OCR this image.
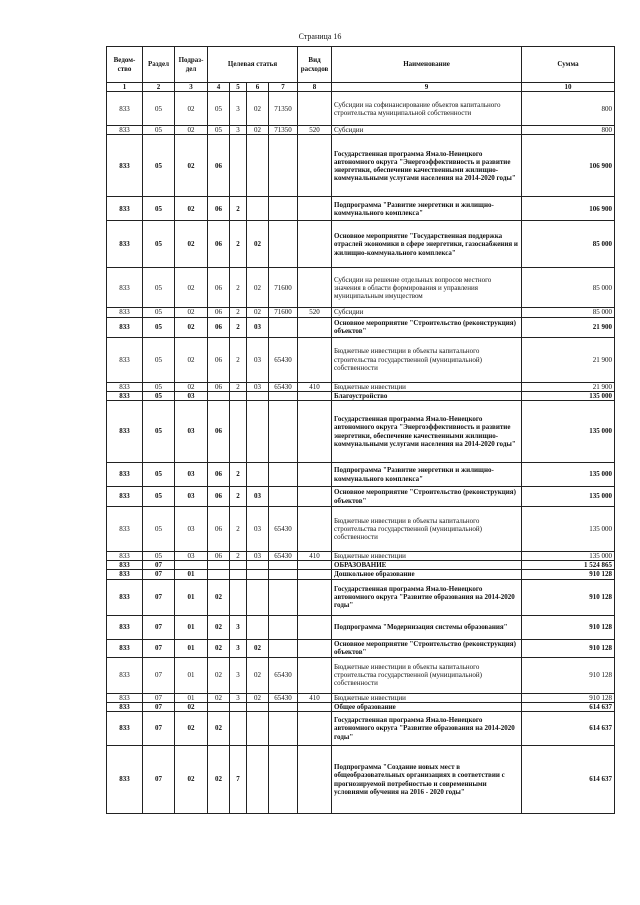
Страница 16
Ведом-ство	Раздел	Подраз-дел	Целевая статья				Вид расходов	Наименование	Сумма
1	2	3	4	5	6	7	8	9	10
833	05	02	05	3	02	71350		Субсидии на софинансирование объектов капитального строительства муниципальной собственности	800
833	05	02	05	3	02	71350	520	Субсидии	800
833	05	02	06					Государственная программа Ямало-Ненецкого автономного округа "Энергоэффективность и развитие энергетики, обеспечение качественными жилищно-коммунальными услугами населения на 2014-2020 годы"	106 900
833	05	02	06	2				Подпрограмма "Развитие энергетики и жилищно-коммунального комплекса"	106 900
833	05	02	06	2	02			Основное мероприятие "Государственная поддержка отраслей экономики в сфере энергетики, газоснабжения и жилищно-коммунального комплекса"	85 000
833	05	02	06	2	02	71600		Субсидии на решение отдельных вопросов местного значения в области формирования и управления муниципальным имуществом	85 000
833	05	02	06	2	02	71600	520	Субсидии	85 000
833	05	02	06	2	03			Основное мероприятие "Строительство (реконструкция) объектов"	21 900
833	05	02	06	2	03	65430		Бюджетные инвестиции в объекты капитального строительства государственной (муниципальной) собственности	21 900
833	05	02	06	2	03	65430	410	Бюджетные инвестиции	21 900
833	05	03						Благоустройство	135 000
833	05	03	06					Государственная программа Ямало-Ненецкого автономного округа "Энергоэффективность и развитие энергетики, обеспечение качественными жилищно-коммунальными услугами населения на 2014-2020 годы"	135 000
833	05	03	06	2				Подпрограмма "Развитие энергетики и жилищно-коммунального комплекса"	135 000
833	05	03	06	2	03			Основное мероприятие "Строительство (реконструкция) объектов"	135 000
833	05	03	06	2	03	65430		Бюджетные инвестиции в объекты капитального строительства государственной (муниципальной) собственности	135 000
833	05	03	06	2	03	65430	410	Бюджетные инвестиции	135 000
833	07							ОБРАЗОВАНИЕ	1 524 865
833	07	01						Дошкольное образование	910 128
833	07	01	02					Государственная программа Ямало-Ненецкого автономного округа "Развитие образования на 2014-2020 годы"	910 128
833	07	01	02	3				Подпрограмма "Модернизация системы образования"	910 128
833	07	01	02	3	02			Основное мероприятие "Строительство (реконструкция) объектов"	910 128
833	07	01	02	3	02	65430		Бюджетные инвестиции в объекты капитального строительства государственной (муниципальной) собственности	910 128
833	07	01	02	3	02	65430	410	Бюджетные инвестиции	910 128
833	07	02						Общее образование	614 637
833	07	02	02					Государственная программа Ямало-Ненецкого автономного округа "Развитие образования на 2014-2020 годы"	614 637
833	07	02	02	7				Подпрограмма "Создание новых мест в общеобразовательных организациях в соответствии с прогнозируемой потребностью и современными условиями обучения на 2016 - 2020 годы"	614 637
